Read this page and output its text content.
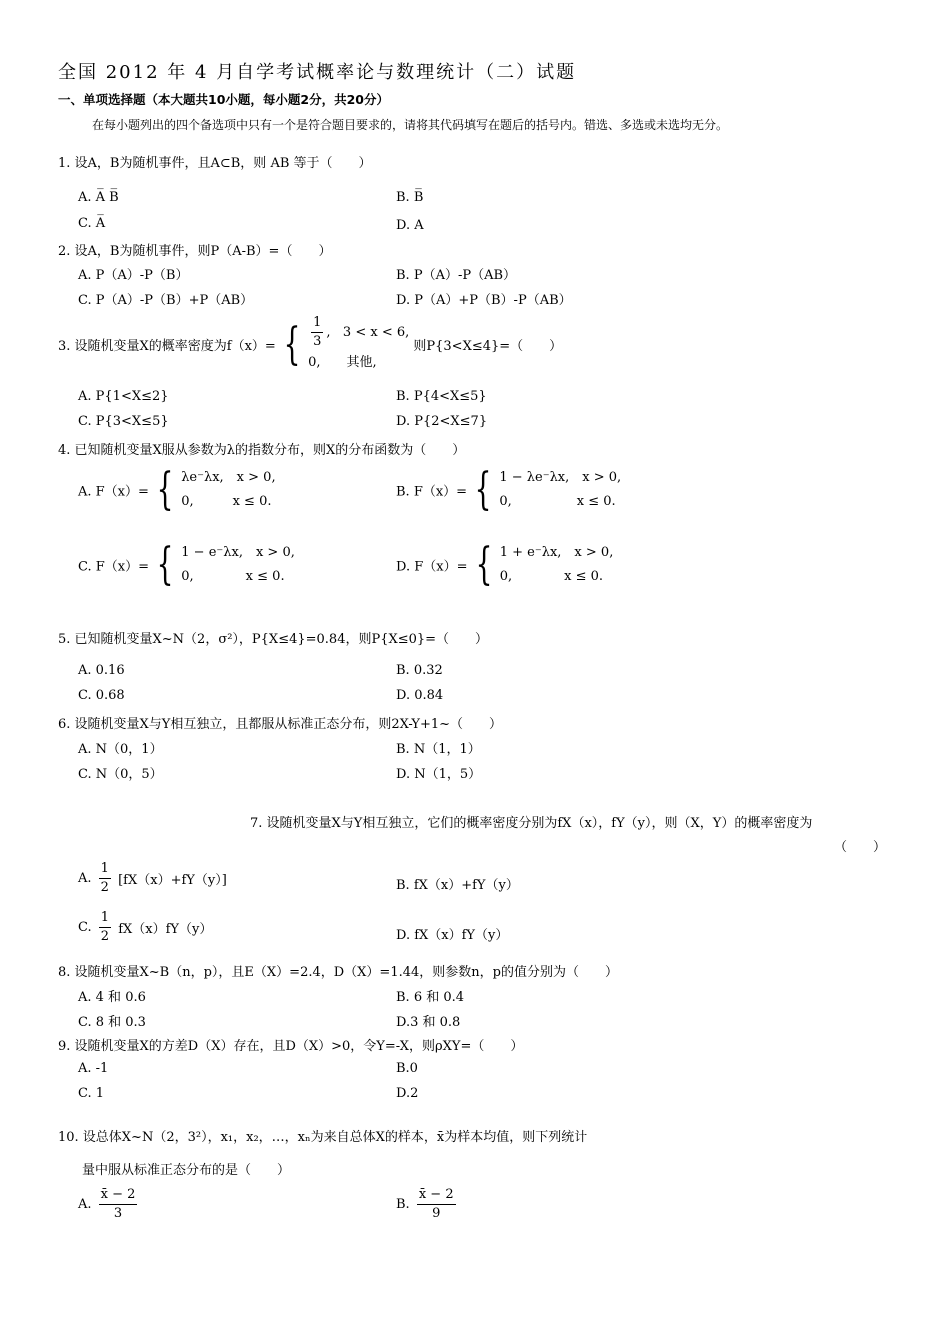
全国 2012 年 4 月自学考试概率论与数理统计（二）试题
一、单项选择题（本大题共10小题，每小题2分，共20分）
在每小题列出的四个备选项中只有一个是符合题目要求的，请将其代码填写在题后的括号内。错选、多选或未选均无分。
1. 设A，B为随机事件，且A⊂B，则 AB 等于（　　）
A. A̅ B̅	B. B̅
C. A̅	D. A
2. 设A，B为随机事件，则P（A-B）=（　　）
A. P（A）-P（B）	B. P（A）-P（AB）
C. P（A）-P（B）+P（AB）	D. P（A）+P（B）-P（AB）
3. 设随机变量X的概率密度为f（x）= { $\frac{1}{3}$ ,   3 < x < 6,
0,　　其他,
则P{3<X≤4}=（　　）
A. P{1<X≤2}	B. P{4<X≤5}
C. P{3<X≤5}	D. P{2<X≤7}
4. 已知随机变量X服从参数为λ的指数分布，则X的分布函数为（　　）
A. F（x）= { λe⁻λx,　x > 0,
0,　　　x ≤ 0.
B. F（x）= { 1 − λe⁻λx,　x > 0,
0,　　　　　x ≤ 0.
C. F（x）= { 1 − e⁻λx,　x > 0,
0,　　　　x ≤ 0.
D. F（x）= { 1 + e⁻λx,　x > 0,
0,　　　　x ≤ 0.
5. 已知随机变量X~N（2，σ²），P{X≤4}=0.84，则P{X≤0}=（　　）
A. 0.16	B. 0.32
C. 0.68	D. 0.84
6. 设随机变量X与Y相互独立，且都服从标准正态分布，则2X-Y+1~（　　）
A. N（0，1）	B. N（1，1）
C. N（0，5）	D. N（1，5）
7. 设随机变量X与Y相互独立，它们的概率密度分别为fX（x），fY（y），则（X，Y）的概率密度为
（　　）
A. $\frac{1}{2} [fX(x)+fY(y)]$	B. fX（x）+fY（y）
C. $\frac{1}{2} fX(x)fY(y)$	D. fX（x）fY（y）
8. 设随机变量X~B（n，p），且E（X）=2.4，D（X）=1.44，则参数n，p的值分别为（　　）
A. 4 和 0.6	B. 6 和 0.4
C. 8 和 0.3	D.3 和 0.8
9. 设随机变量X的方差D（X）存在，且D（X）>0，令Y=-X，则ρXY=（　　）
A. -1	B.0
C. 1	D.2
10. 设总体X~N（2，3²），x₁，x₂，…，xₙ为来自总体X的样本，x̄为样本均值，则下列统计
量中服从标准正态分布的是（　　）
A. $\frac{x̄ - 2}{3}$	B. $\frac{x̄ - 2}{9}$
